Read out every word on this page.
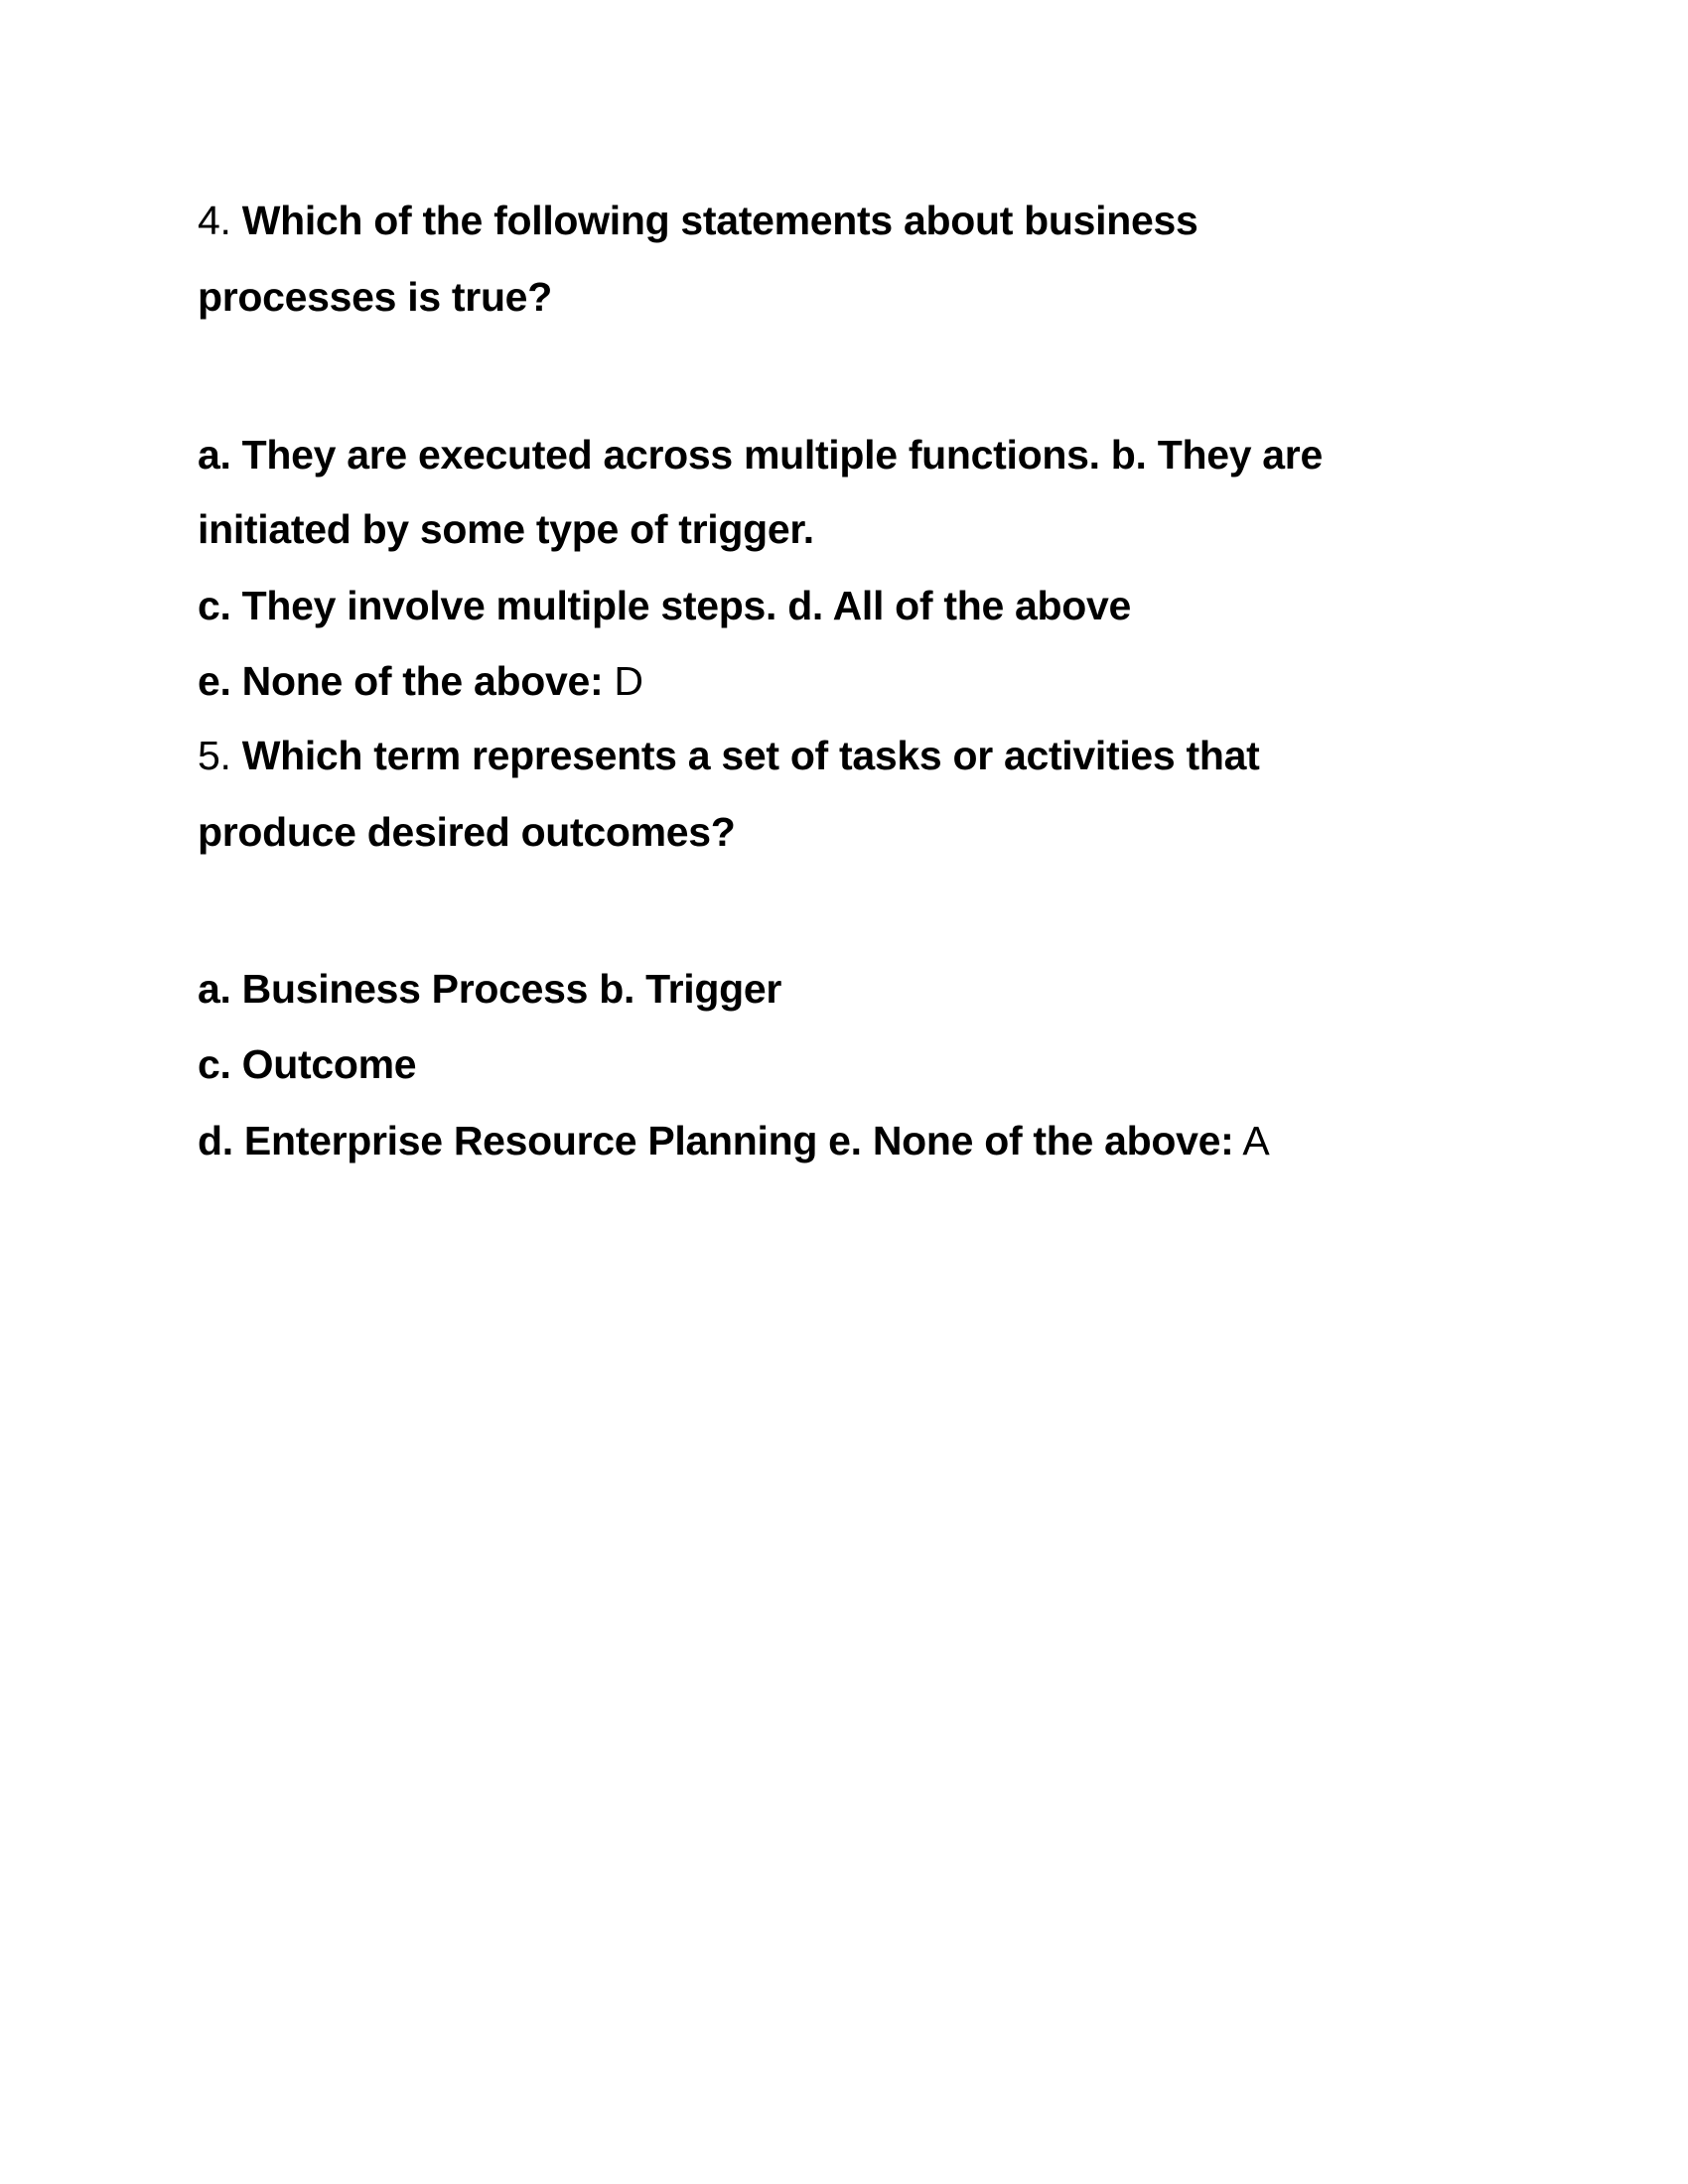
4. Which of the following statements about business
processes is true?
a. They are executed across multiple functions. b. They are
initiated by some type of trigger.
c. They involve multiple steps. d. All of the above
e. None of the above: D
5. Which term represents a set of tasks or activities that
produce desired outcomes?
a. Business Process b. Trigger
c. Outcome
d. Enterprise Resource Planning e. None of the above: A
